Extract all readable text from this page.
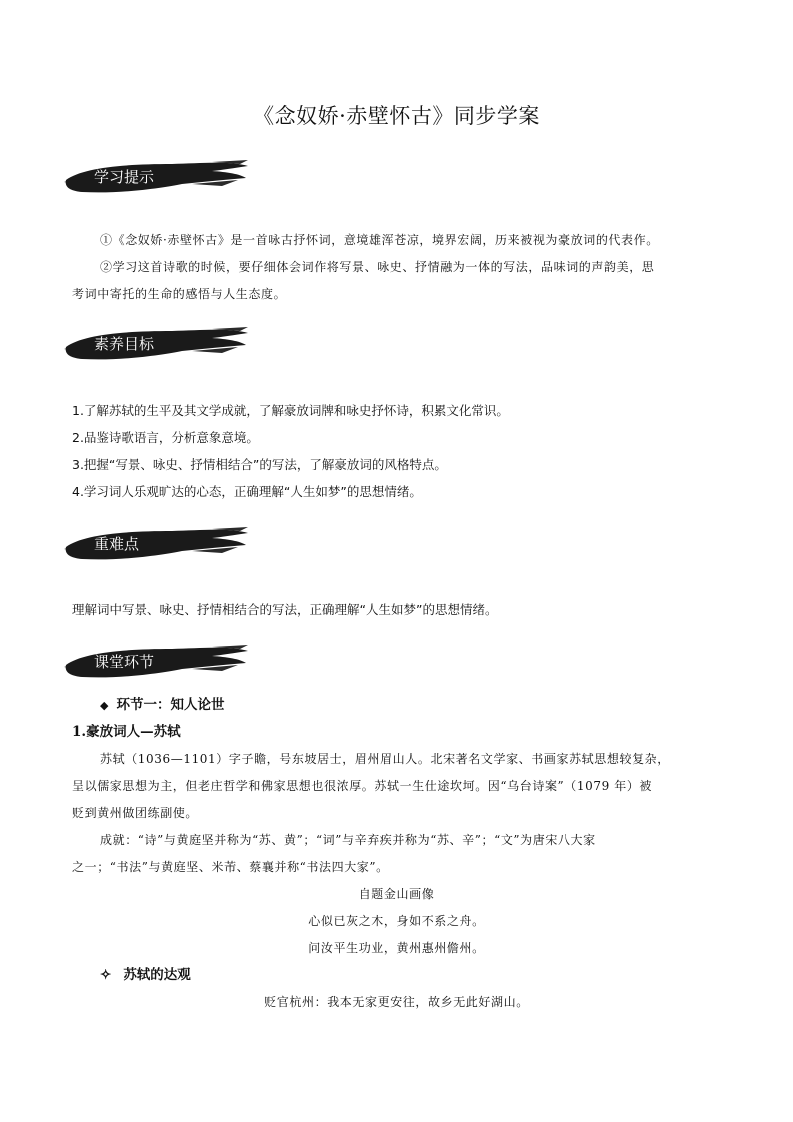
《念奴娇·赤壁怀古》同步学案
学习提示
①《念奴娇·赤壁怀古》是一首咏古抒怀词，意境雄浑苍凉，境界宏阔，历来被视为豪放词的代表作。
②学习这首诗歌的时候，要仔细体会词作将写景、咏史、抒情融为一体的写法，品味词的声韵美，思
考词中寄托的生命的感悟与人生态度。
素养目标
1.了解苏轼的生平及其文学成就，了解豪放词牌和咏史抒怀诗，积累文化常识。
2.品鉴诗歌语言，分析意象意境。
3.把握“写景、咏史、抒情相结合”的写法，了解豪放词的风格特点。
4.学习词人乐观旷达的心态，正确理解“人生如梦”的思想情绪。
重难点
理解词中写景、咏史、抒情相结合的写法，正确理解“人生如梦”的思想情绪。
课堂环节
◆ 环节一：知人论世
1.豪放词人—苏轼
苏轼（1036—1101）字子瞻，号东坡居士，眉州眉山人。北宋著名文学家、书画家苏轼思想较复杂，
呈以儒家思想为主，但老庄哲学和佛家思想也很浓厚。苏轼一生仕途坎坷。因“乌台诗案”（1079 年）被
贬到黄州做团练副使。
成就：“诗”与黄庭坚并称为“苏、黄”；“词”与辛弃疾并称为“苏、辛”；“文”为唐宋八大家
之一；“书法”与黄庭坚、米芾、蔡襄并称“书法四大家”。
自题金山画像
心似已灰之木，身如不系之舟。
问汝平生功业，黄州惠州儋州。
✧ 苏轼的达观
贬官杭州：我本无家更安往，故乡无此好湖山。
